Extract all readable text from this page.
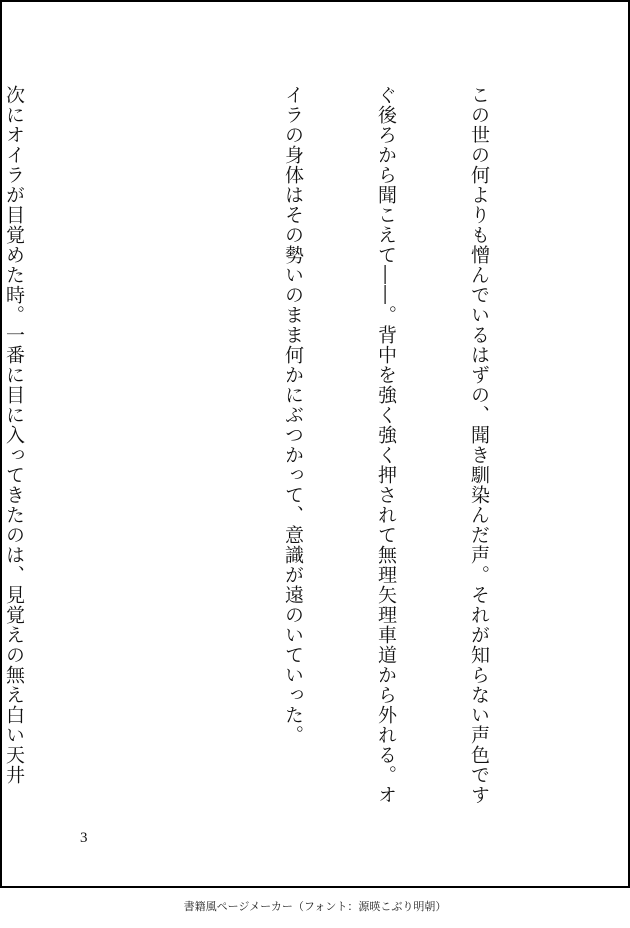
この世の何よりも憎んでいるはずの、聞き馴染んだ声。それが知らない声色です

ぐ後ろから聞こえて――。背中を強く強く押されて無理矢理車道から外れる。オ

イラの身体はその勢いのまま何かにぶつかって、意識が遠のいていった。

次にオイラが目覚めた時。一番に目に入ってきたのは、見覚えの無え白い天井

3
書籍風ページメーカー（フォント：源暎こぶり明朝）
